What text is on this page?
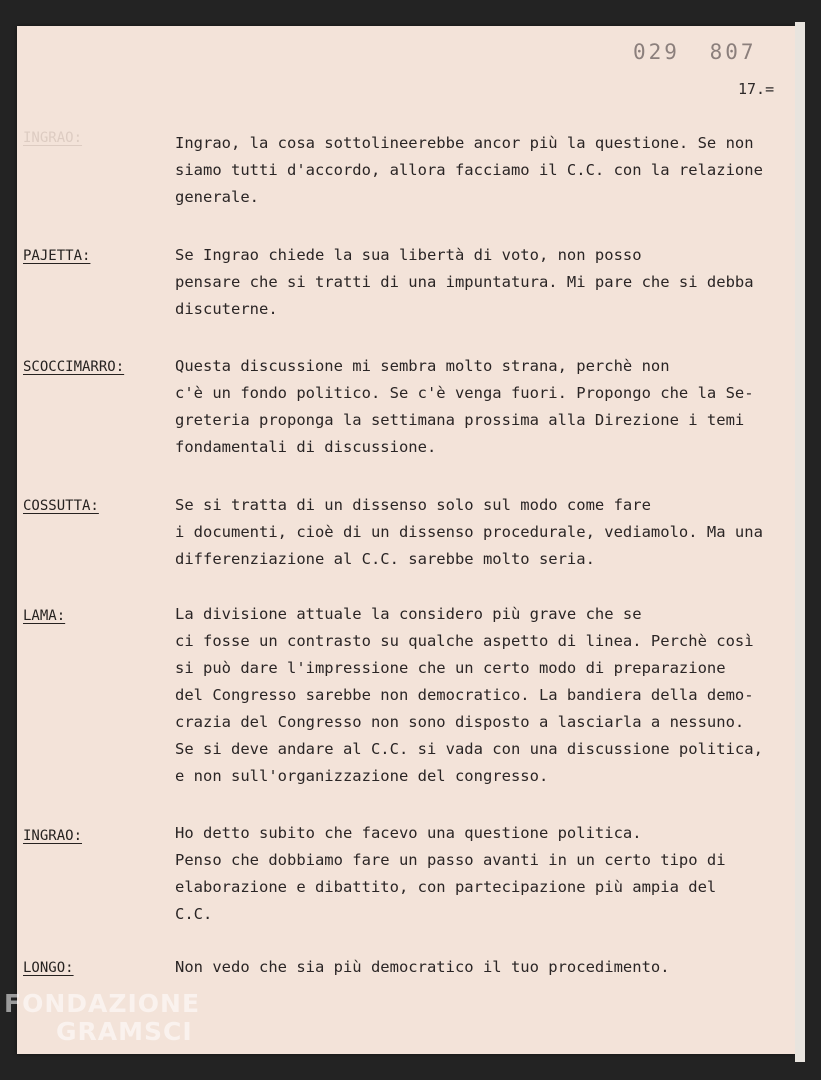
029 807
17.=
INGRAO:	Ingrao, la cosa sottolineerebbe ancor più la questione. Se non
siamo tutti d'accordo, allora facciamo il C.C. con la relazione
generale.
PAJETTA:	Se Ingrao chiede la sua libertà di voto, non posso
pensare che si tratti di una impuntatura. Mi pare che si debba
discuterne.
SCOCCIMARRO:	Questa discussione mi sembra molto strana, perchè non
c'è un fondo politico. Se c'è venga fuori. Propongo che la Se-
greteria proponga la settimana prossima alla Direzione i temi
fondamentali di discussione.
COSSUTTA:	Se si tratta di un dissenso solo sul modo come fare
i documenti, cioè di un dissenso procedurale, vediamolo. Ma una
differenziazione al C.C. sarebbe molto seria.
LAMA:	La divisione attuale la considero più grave che se
ci fosse un contrasto su qualche aspetto di linea. Perchè così
si può dare l'impressione che un certo modo di preparazione
del Congresso sarebbe non democratico. La bandiera della demo-
crazia del Congresso non sono disposto a lasciarla a nessuno.
Se si deve andare al C.C. si vada con una discussione politica,
e non sull'organizzazione del congresso.
INGRAO:	Ho detto subito che facevo una questione politica.
Penso che dobbiamo fare un passo avanti in un certo tipo di
elaborazione e dibattito, con partecipazione più ampia del
C.C.
LONGO:	Non vedo che sia più democratico il tuo procedimento.
FONDAZIONE
GRAMSCI
